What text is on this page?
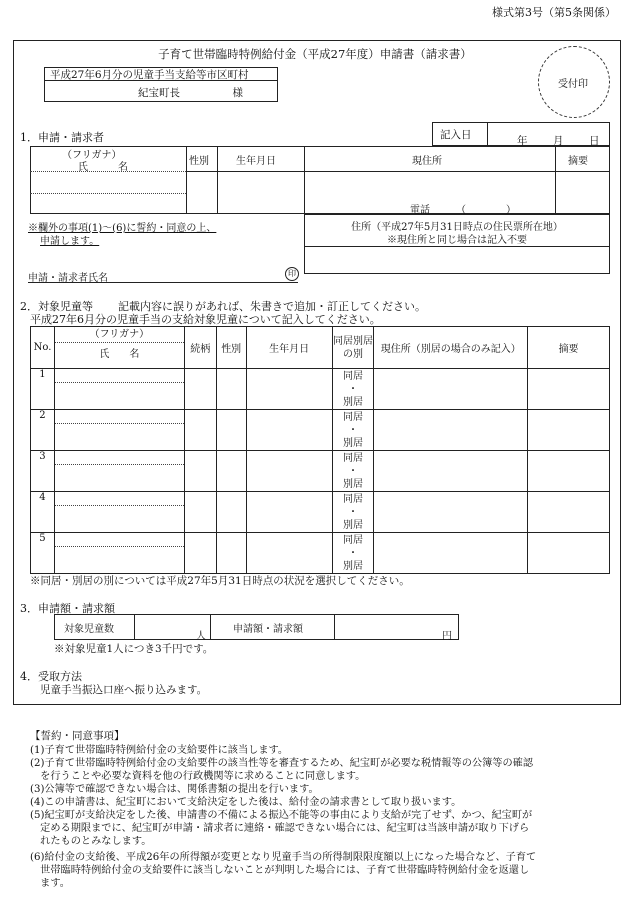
様式第3号（第5条関係）
子育て世帯臨時特例給付金（平成27年度）申請書（請求書）
平成27年6月分の児童手当支給等市区町村
紀宝町長　　　　　様
受付印
1．申請・請求者	記入日	年 月 日
（フリガナ）
氏　　　名
性別	生年月日	現住所	摘要
電話	（　　　　）
※欄外の事項(1)～(6)に誓約・同意の上、
申請します。
住所（平成27年5月31日時点の住民票所在地）
※現住所と同じ場合は記入不要
申請・請求者氏名	印
2．対象児童等 記載内容に誤りがあれば、朱書きで追加・訂正してください。
平成27年6月分の児童手当の支給対象児童について記入してください。
No.	（フリガナ）
氏　　名	続柄	性別	生年月日	同居別居の別	現住所（別居の場合のみ記入）	摘要
1					同居
・
別居		

2					同居
・
別居		

3					同居
・
別居		

4					同居
・
別居		

5					同居
・
別居		

※同居・別居の別については平成27年5月31日時点の状況を選択してください。
3．申請額・請求額
対象児童数
人
申請額・請求額
円
※対象児童1人につき3千円です。
4．受取方法
児童手当振込口座へ振り込みます。
【誓約・同意事項】
(1)子育て世帯臨時特例給付金の支給要件に該当します。
(2)子育て世帯臨時特例給付金の支給要件の該当性等を審査するため、紀宝町が必要な税情報等の公簿等の確認
　を行うことや必要な資料を他の行政機関等に求めることに同意します。
(3)公簿等で確認できない場合は、関係書類の提出を行います。
(4)この申請書は、紀宝町において支給決定をした後は、給付金の請求書として取り扱います。
(5)紀宝町が支給決定をした後、申請書の不備による振込不能等の事由により支給が完了せず、かつ、紀宝町が
　定める期限までに、紀宝町が申請・請求者に連絡・確認できない場合には、紀宝町は当該申請が取り下げら
　れたものとみなします。
(6)給付金の支給後、平成26年の所得額が変更となり児童手当の所得制限限度額以上になった場合など、子育て
　世帯臨時特例給付金の支給要件に該当しないことが判明した場合には、子育て世帯臨時特例給付金を返還し
　ます。
